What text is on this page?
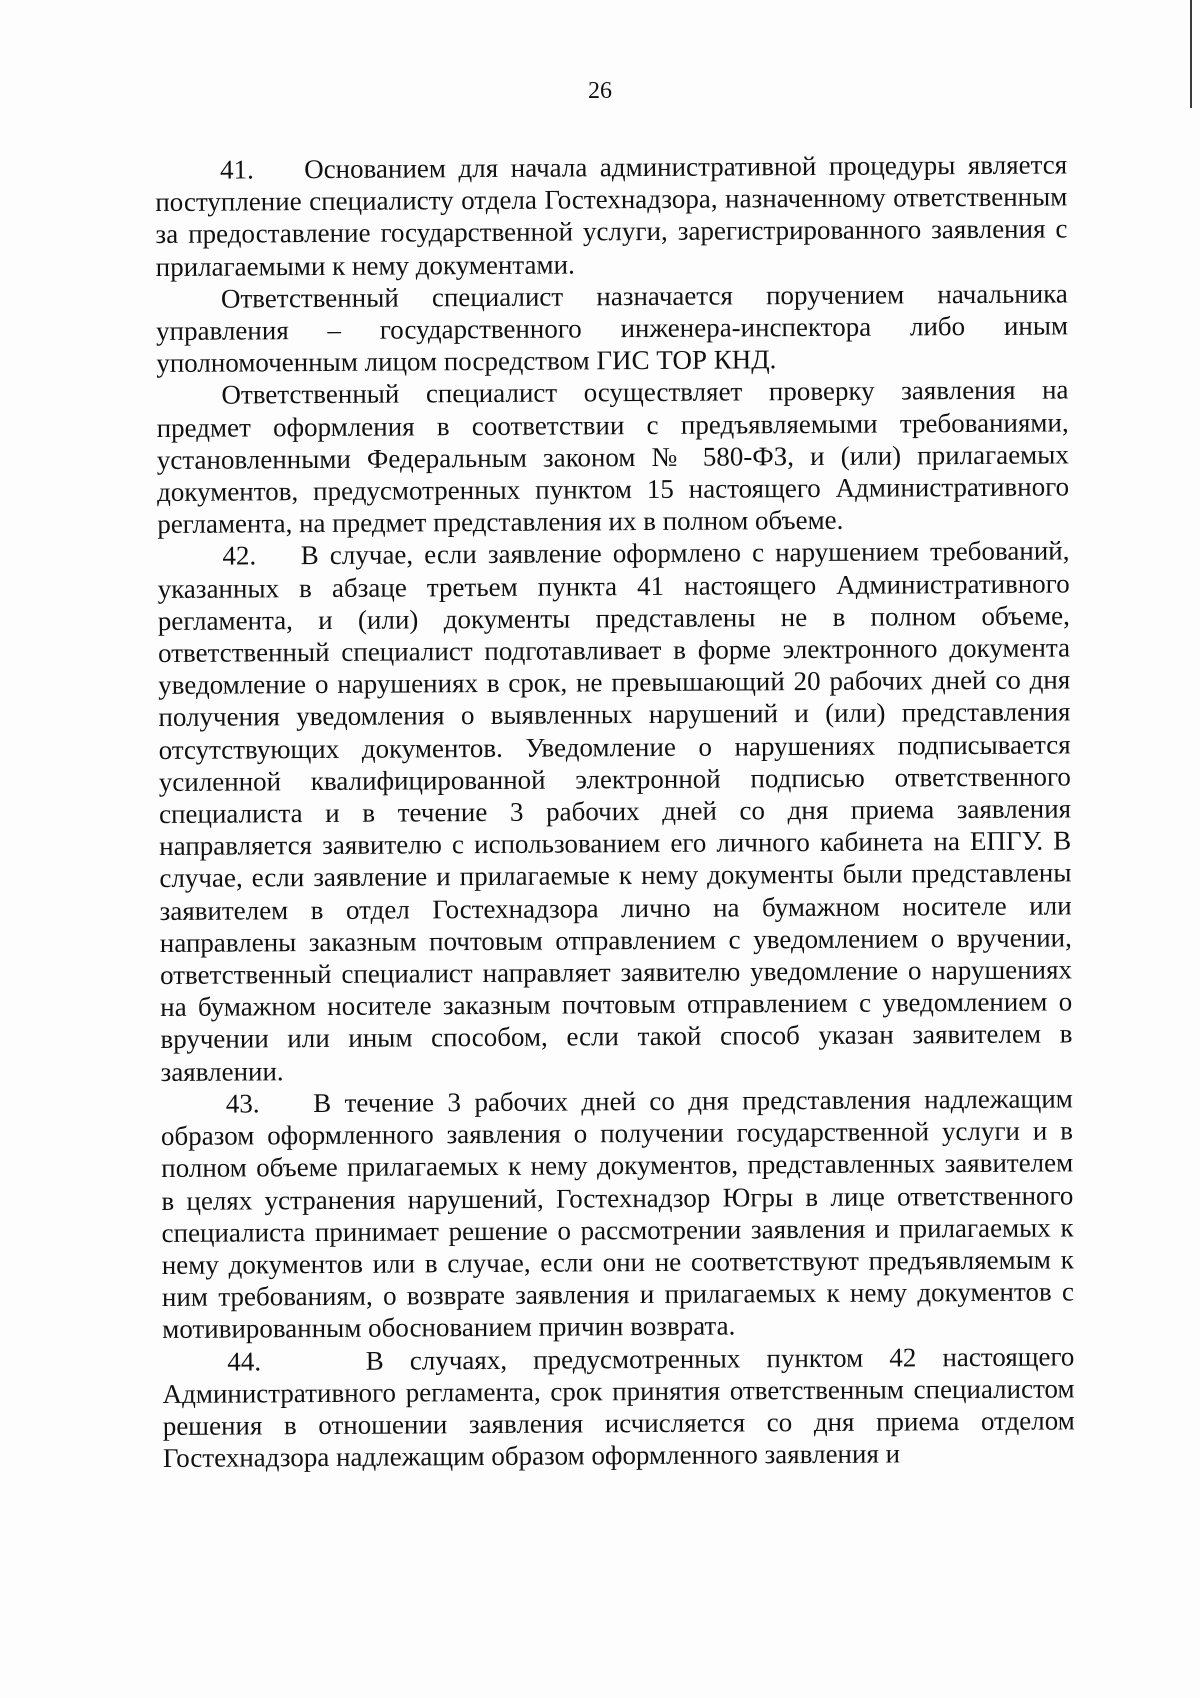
26

41. Основанием для начала административной процедуры является поступление специалисту отдела Гостехнадзора, назначенному ответственным за предоставление государственной услуги, зарегистрированного заявления с прилагаемыми к нему документами.

Ответственный специалист назначается поручением начальника управления – государственного инженера-инспектора либо иным уполномоченным лицом посредством ГИС ТОР КНД.

Ответственный специалист осуществляет проверку заявления на предмет оформления в соответствии с предъявляемыми требованиями, установленными Федеральным законом № 580-ФЗ, и (или) прилагаемых документов, предусмотренных пунктом 15 настоящего Административного регламента, на предмет представления их в полном объеме.

42. В случае, если заявление оформлено с нарушением требований, указанных в абзаце третьем пункта 41 настоящего Административного регламента, и (или) документы представлены не в полном объеме, ответственный специалист подготавливает в форме электронного документа уведомление о нарушениях в срок, не превышающий 20 рабочих дней со дня получения уведомления о выявленных нарушений и (или) представления отсутствующих документов. Уведомление о нарушениях подписывается усиленной квалифицированной электронной подписью ответственного специалиста и в течение 3 рабочих дней со дня приема заявления направляется заявителю с использованием его личного кабинета на ЕПГУ. В случае, если заявление и прилагаемые к нему документы были представлены заявителем в отдел Гостехнадзора лично на бумажном носителе или направлены заказным почтовым отправлением с уведомлением о вручении, ответственный специалист направляет заявителю уведомление о нарушениях на бумажном носителе заказным почтовым отправлением с уведомлением о вручении или иным способом, если такой способ указан заявителем в заявлении.

43. В течение 3 рабочих дней со дня представления надлежащим образом оформленного заявления о получении государственной услуги и в полном объеме прилагаемых к нему документов, представленных заявителем в целях устранения нарушений, Гостехнадзор Югры в лице ответственного специалиста принимает решение о рассмотрении заявления и прилагаемых к нему документов или в случае, если они не соответствуют предъявляемым к ним требованиям, о возврате заявления и прилагаемых к нему документов с мотивированным обоснованием причин возврата.

44.	В случаях, предусмотренных пунктом 42 настоящего Административного регламента, срок принятия ответственным специалистом решения в отношении заявления исчисляется со дня приема отделом Гостехнадзора надлежащим образом оформленного заявления и
